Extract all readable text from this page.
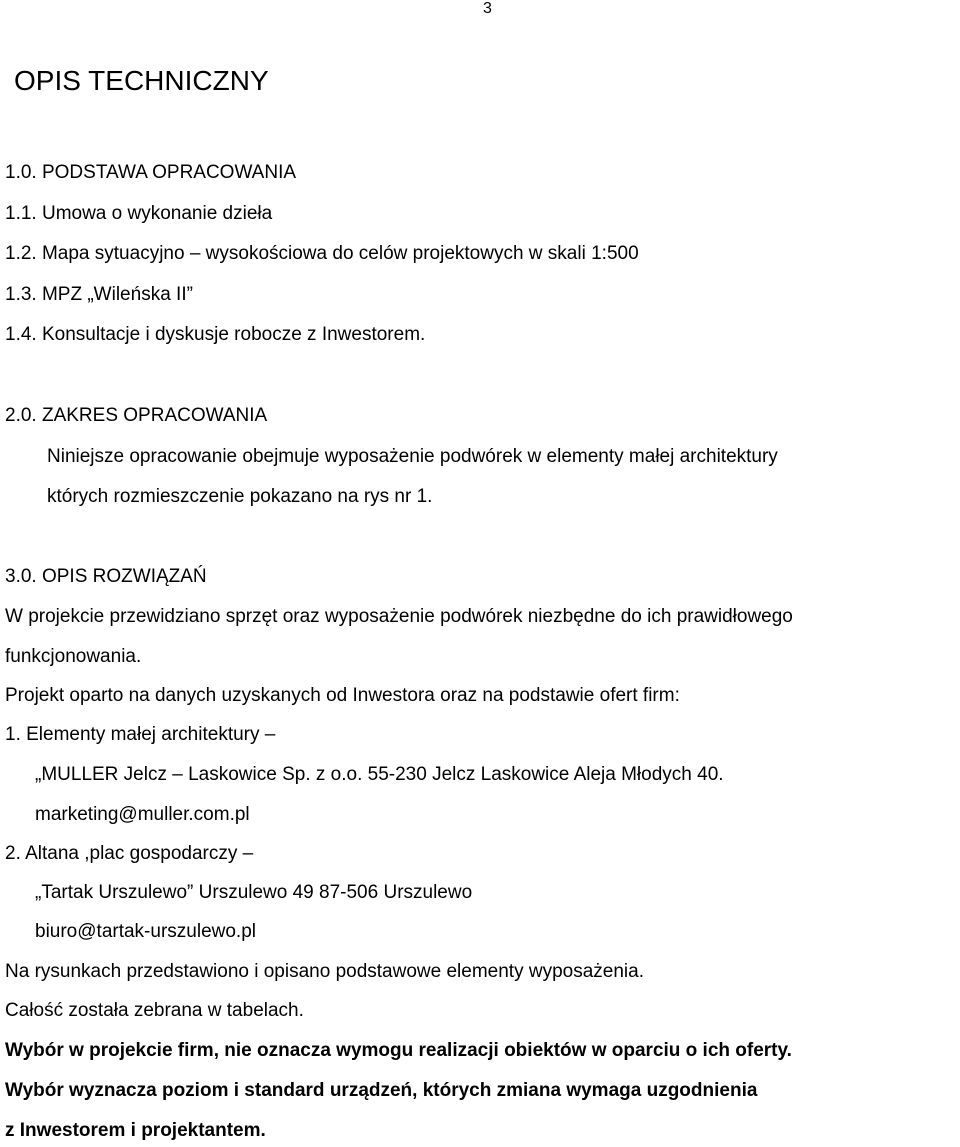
3
OPIS TECHNICZNY
1.0. PODSTAWA OPRACOWANIA
1.1. Umowa o wykonanie dzieła
1.2. Mapa sytuacyjno – wysokościowa do celów projektowych w skali 1:500
1.3. MPZ „Wileńska II”
1.4. Konsultacje i dyskusje robocze z Inwestorem.
2.0. ZAKRES OPRACOWANIA
Niniejsze opracowanie obejmuje wyposażenie podwórek w elementy małej architektury
których rozmieszczenie pokazano na rys nr 1.
3.0. OPIS ROZWIĄZAŃ
W projekcie przewidziano sprzęt oraz wyposażenie podwórek niezbędne do ich prawidłowego
funkcjonowania.
Projekt oparto na danych uzyskanych od Inwestora oraz na podstawie ofert firm:
1. Elementy małej architektury –
„MULLER Jelcz – Laskowice Sp. z o.o. 55-230 Jelcz Laskowice Aleja Młodych 40.
marketing@muller.com.pl
2. Altana ,plac gospodarczy –
„Tartak Urszulewo” Urszulewo 49 87-506 Urszulewo
biuro@tartak-urszulewo.pl
Na rysunkach przedstawiono i opisano podstawowe elementy wyposażenia.
Całość została zebrana w tabelach.
Wybór w projekcie firm, nie oznacza wymogu realizacji obiektów w oparciu o ich oferty.
Wybór wyznacza poziom i standard urządzeń, których zmiana wymaga uzgodnienia
z Inwestorem i projektantem.
